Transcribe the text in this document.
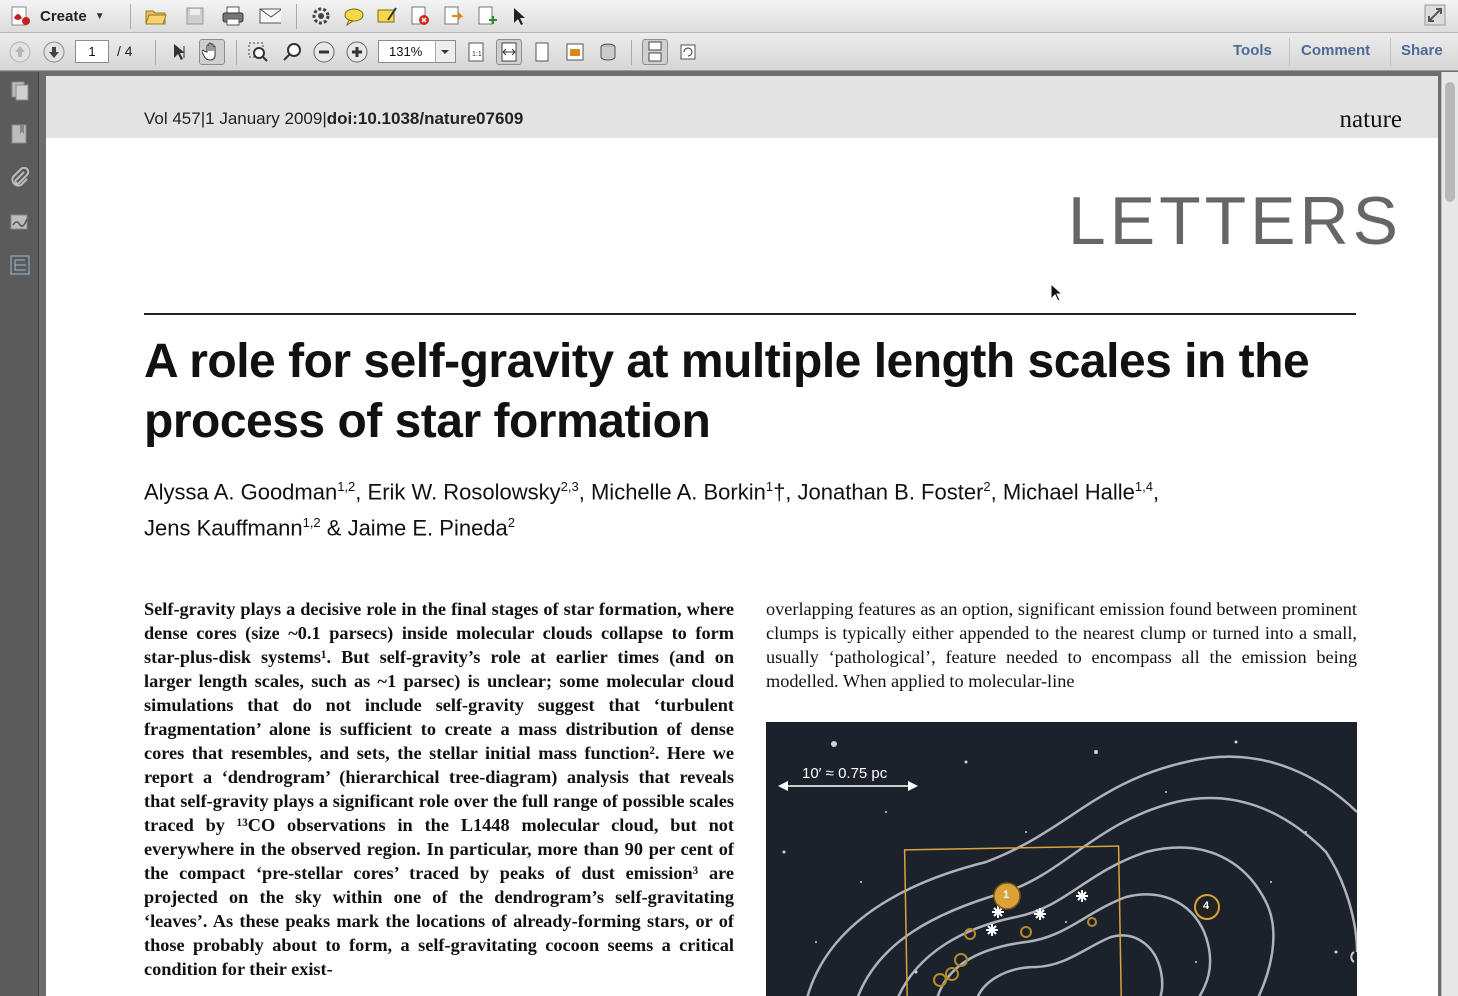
Create ▼
1	/ 4	131%	1:1	Tools Comment Share
Vol 457|1 January 2009|doi:10.1038/nature07609	nature
LETTERS
A role for self-gravity at multiple length scales in the process of star formation
Alyssa A. Goodman$^{1,2}$, Erik W. Rosolowsky$^{2,3}$, Michelle A. Borkin$^1$†, Jonathan B. Foster$^2$, Michael Halle$^{1,4}$,
Jens Kauffmann$^{1,2}$ & Jaime E. Pineda$^2$
Self-gravity plays a decisive role in the final stages of star formation, where dense cores (size ~0.1 parsecs) inside molecular clouds collapse to form star-plus-disk systems¹. But self-gravity’s role at earlier times (and on larger length scales, such as ~1 parsec) is unclear; some molecular cloud simulations that do not include self-gravity suggest that ‘turbulent fragmentation’ alone is sufficient to create a mass distribution of dense cores that resembles, and sets, the stellar initial mass function². Here we report a ‘dendrogram’ (hierarchical tree-diagram) analysis that reveals that self-gravity plays a significant role over the full range of possible scales traced by ¹³CO observations in the L1448 molecular cloud, but not everywhere in the observed region. In particular, more than 90 per cent of the compact ‘pre-stellar cores’ traced by peaks of dust emission³ are projected on the sky within one of the dendrogram’s self-gravitating ‘leaves’. As these peaks mark the locations of already-forming stars, or of those probably about to form, a self-gravitating cocoon seems a critical condition for their exist-
overlapping features as an option, significant emission found between prominent clumps is typically either appended to the nearest clump or turned into a small, usually ‘pathological’, feature needed to encompass all the emission being modelled. When applied to molecular-line
10′ ≈ 0.75 pc
1
4
